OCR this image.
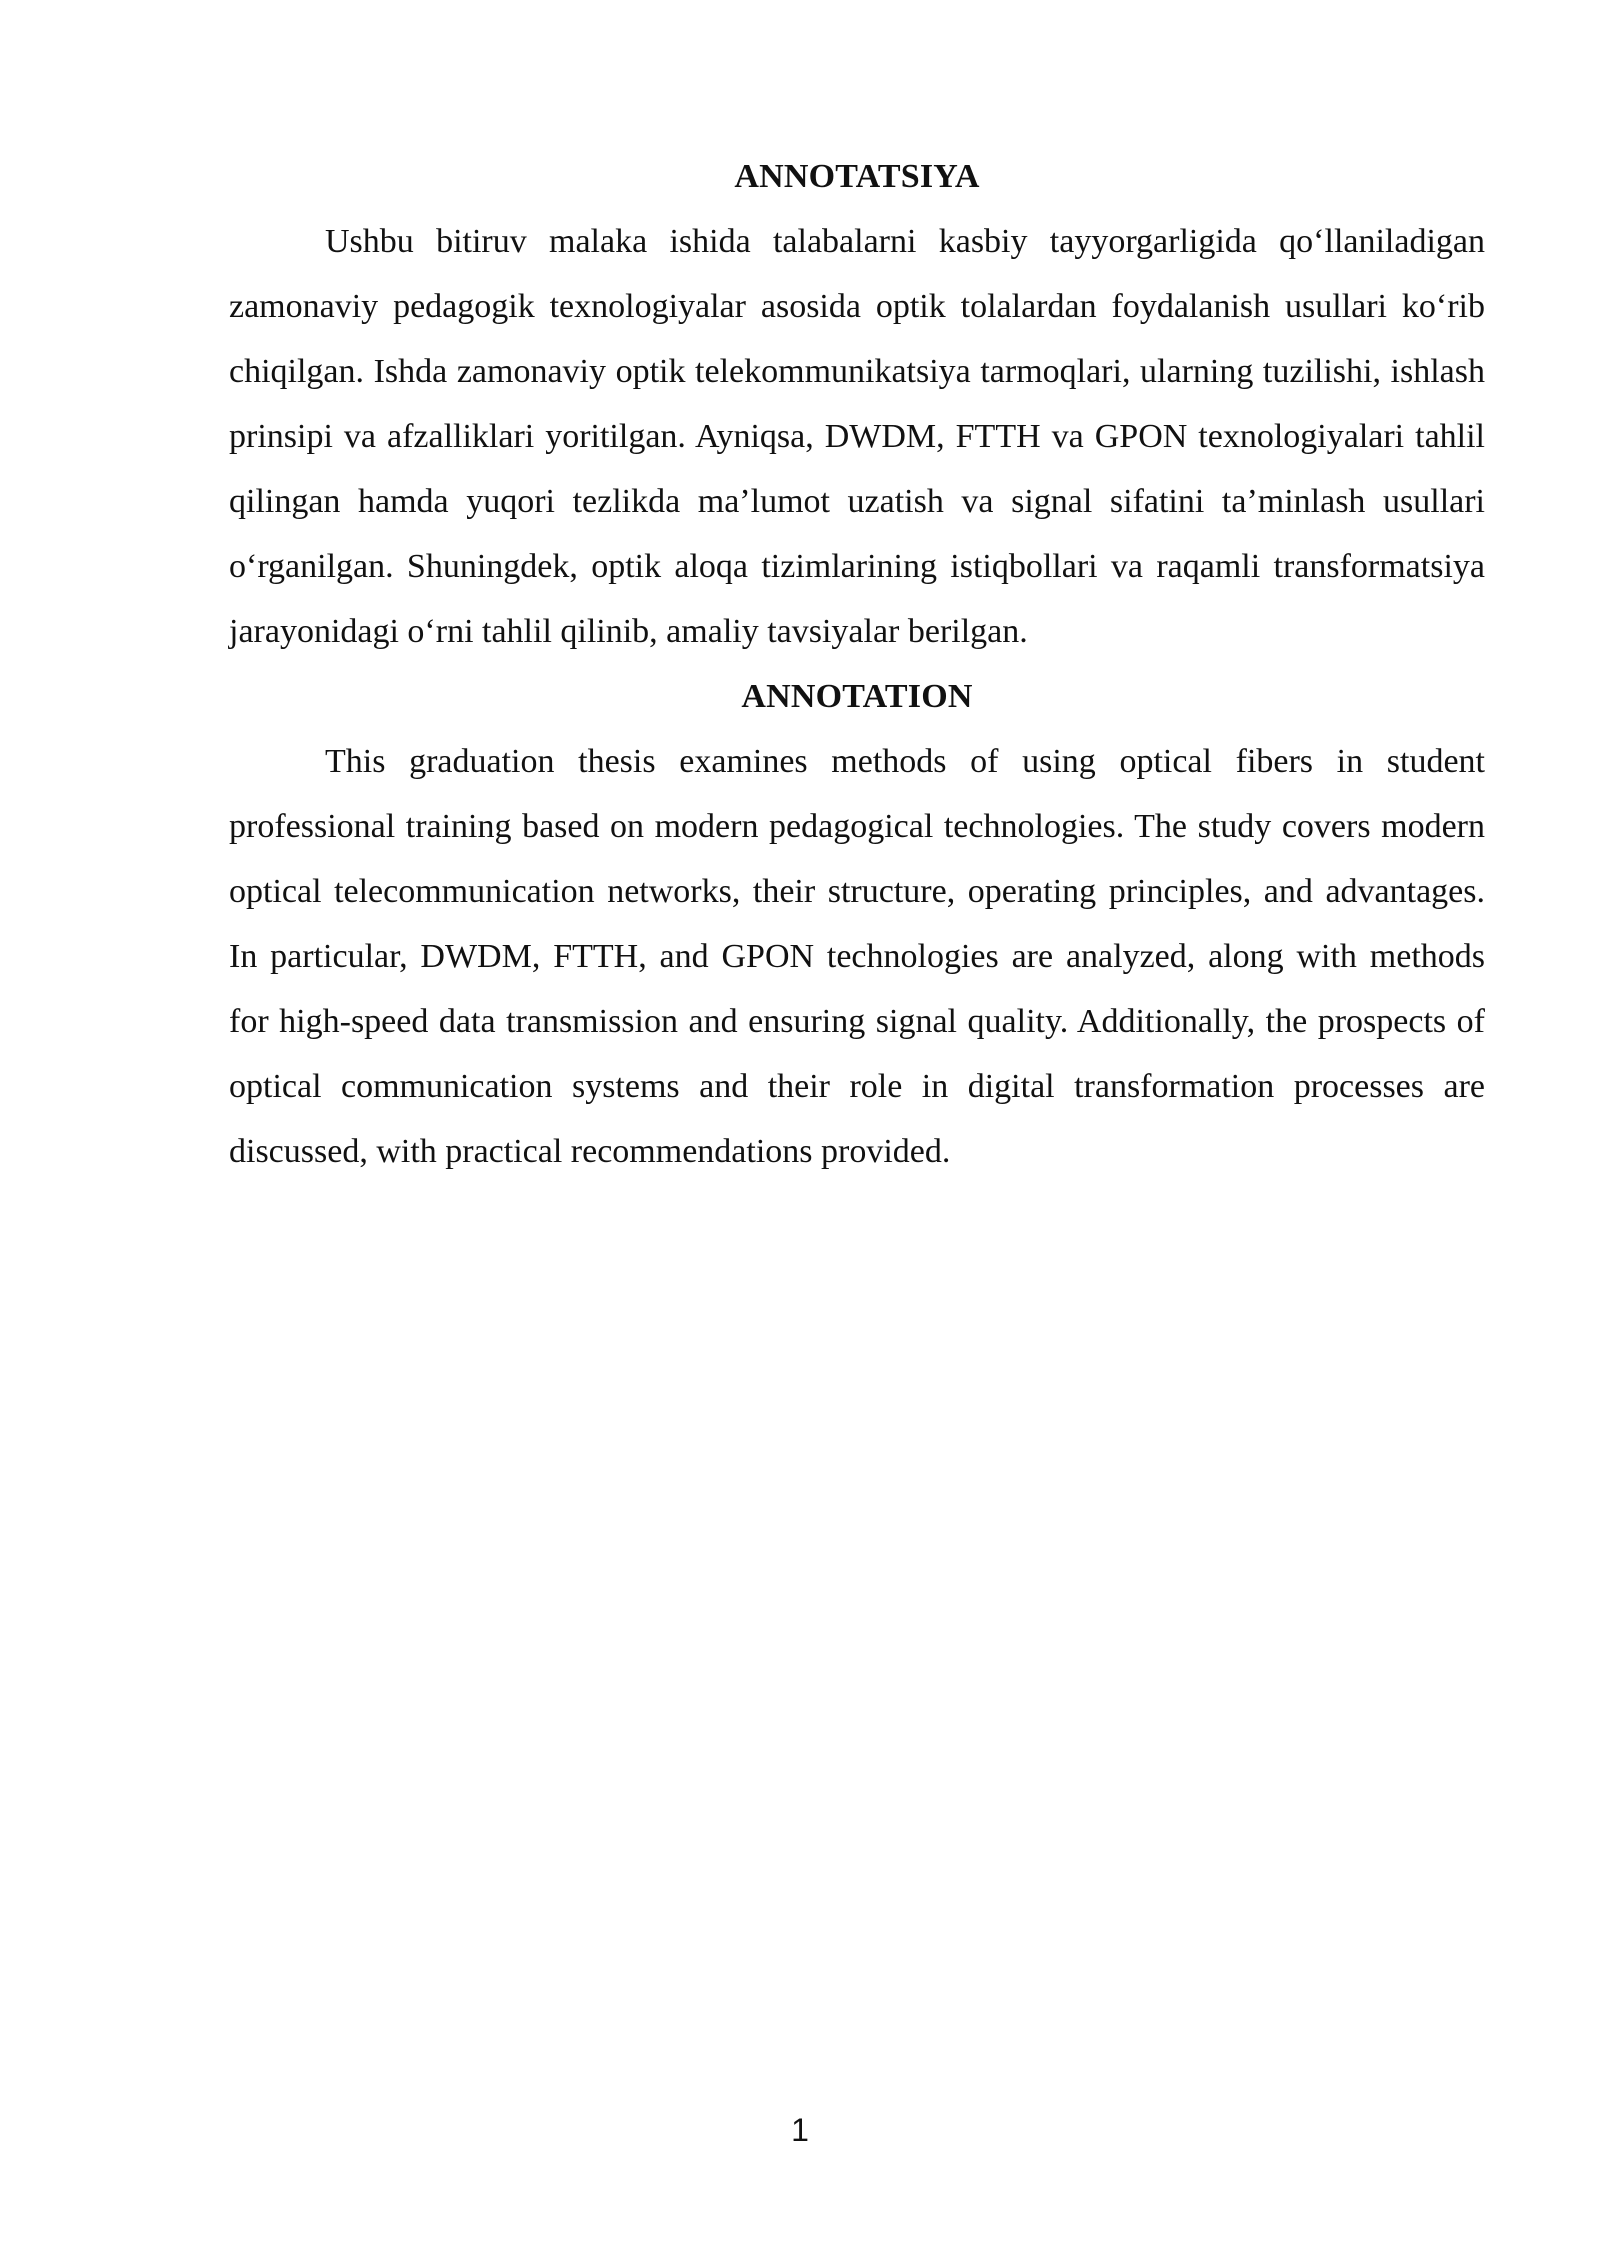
ANNOTATSIYA

Ushbu bitiruv malaka ishida talabalarni kasbiy tayyorgarligida qo‘llaniladigan zamonaviy pedagogik texnologiyalar asosida optik tolalardan foydalanish usullari ko‘rib chiqilgan. Ishda zamonaviy optik telekommunikatsiya tarmoqlari, ularning tuzilishi, ishlash prinsipi va afzalliklari yoritilgan. Ayniqsa, DWDM, FTTH va GPON texnologiyalari tahlil qilingan hamda yuqori tezlikda ma’lumot uzatish va signal sifatini ta’minlash usullari o‘rganilgan. Shuningdek, optik aloqa tizimlarining istiqbollari va raqamli transformatsiya jarayonidagi o‘rni tahlil qilinib, amaliy tavsiyalar berilgan.

ANNOTATION

This graduation thesis examines methods of using optical fibers in student professional training based on modern pedagogical technologies. The study covers modern optical telecommunication networks, their structure, operating principles, and advantages. In particular, DWDM, FTTH, and GPON technologies are analyzed, along with methods for high-speed data transmission and ensuring signal quality. Additionally, the prospects of optical communication systems and their role in digital transformation processes are discussed, with practical recommendations provided.

1
